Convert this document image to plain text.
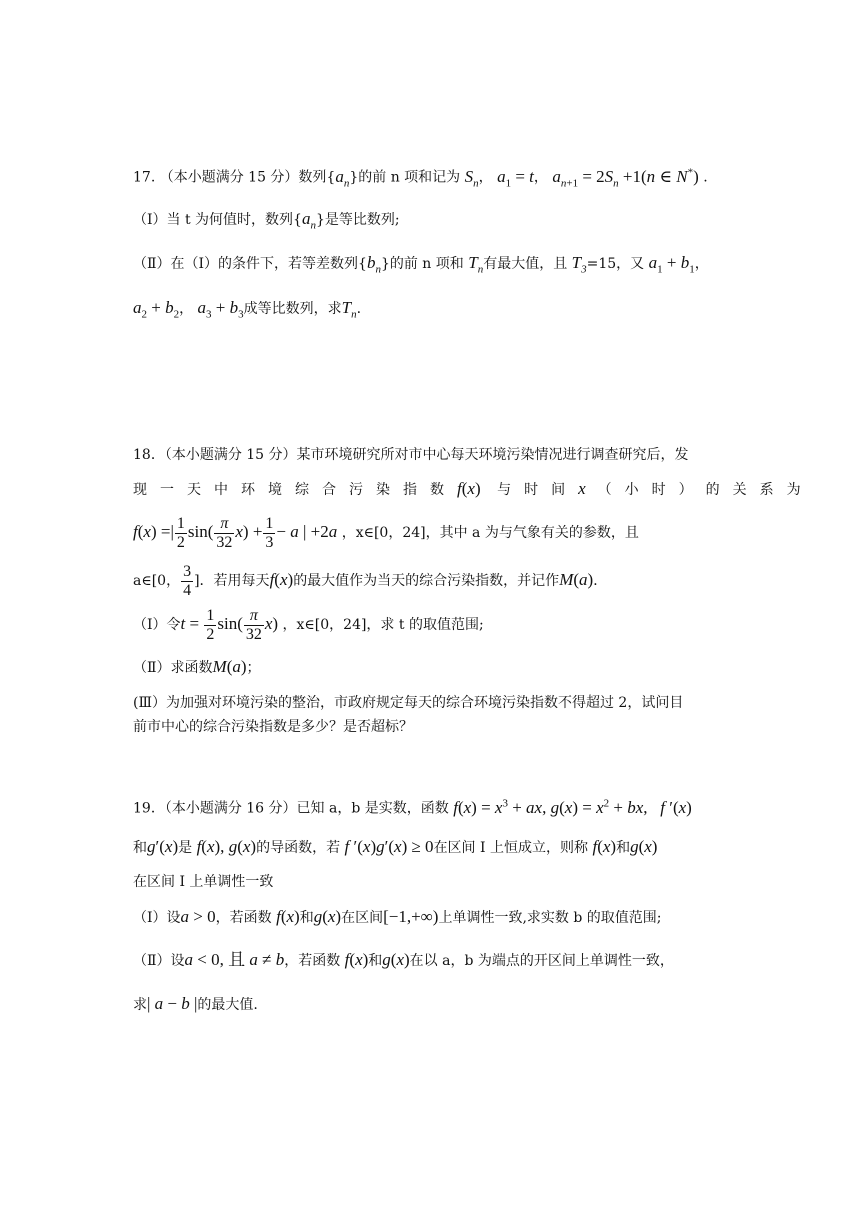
17. （本小题满分 15 分）数列$\{a_n\}$的前 n 项和记为 $S_n$， $a_1 = t$， $a_{n+1} = 2S_n +1(n$ ∈ N*) .
（Ⅰ）当 t 为何值时，数列$\{a_n\}$是等比数列;
（Ⅱ）在（Ⅰ）的条件下，若等差数列$\{b_n\}$的前 n 项和 $T_n$有最大值，且 $T_3=15$，又 $a_1 + b_1$，
$a_2 + b_2$， $a_3 + b_3$成等比数列，求$T_n$.
18．（本小题满分 15 分）某市环境研究所对市中心每天环境污染情况进行调查研究后，发
现一天中环境综合污染指数f(x) 与时间x （小时）的关系为
f(x) =| $\frac{1}{2} \sin( \frac{\pi}{32} x) + \frac{1}{3} - a$ | +2a ，x∈[0，24]，其中 a 为与气象有关的参数，且
a∈[0， $\frac{3}{4}$ ]．若用每天f(x)的最大值作为当天的综合污染指数，并记作M(a)．
（Ⅰ）令$t = \frac{1}{2} \sin( \frac{\pi}{32} x)$ ，x∈[0，24]，求 t 的取值范围;
（Ⅱ）求函数M(a)；
(Ⅲ）为加强对环境污染的整治，市政府规定每天的综合环境污染指数不得超过 2，试问目
前市中心的综合污染指数是多少？是否超标？
19．（本小题满分 16 分）已知 a，b 是实数，函数 $f(x) = x^3$ + ax, $g(x) = x^2$ + bx,   f ′(x)
和g′(x)是 f(x), g(x)的导函数，若 f ′(x)g′(x) ≥ 0在区间 I 上恒成立，则称 f(x)和g(x)
在区间 I 上单调性一致
（Ⅰ）设a > 0，若函数 f(x)和g(x)在区间[−1,+∞)上单调性一致,求实数 b 的取值范围;
（Ⅱ）设a < 0, 且 a ≠ b，若函数 f(x)和g(x)在以 a，b 为端点的开区间上单调性一致，
求| a − b |的最大值.
